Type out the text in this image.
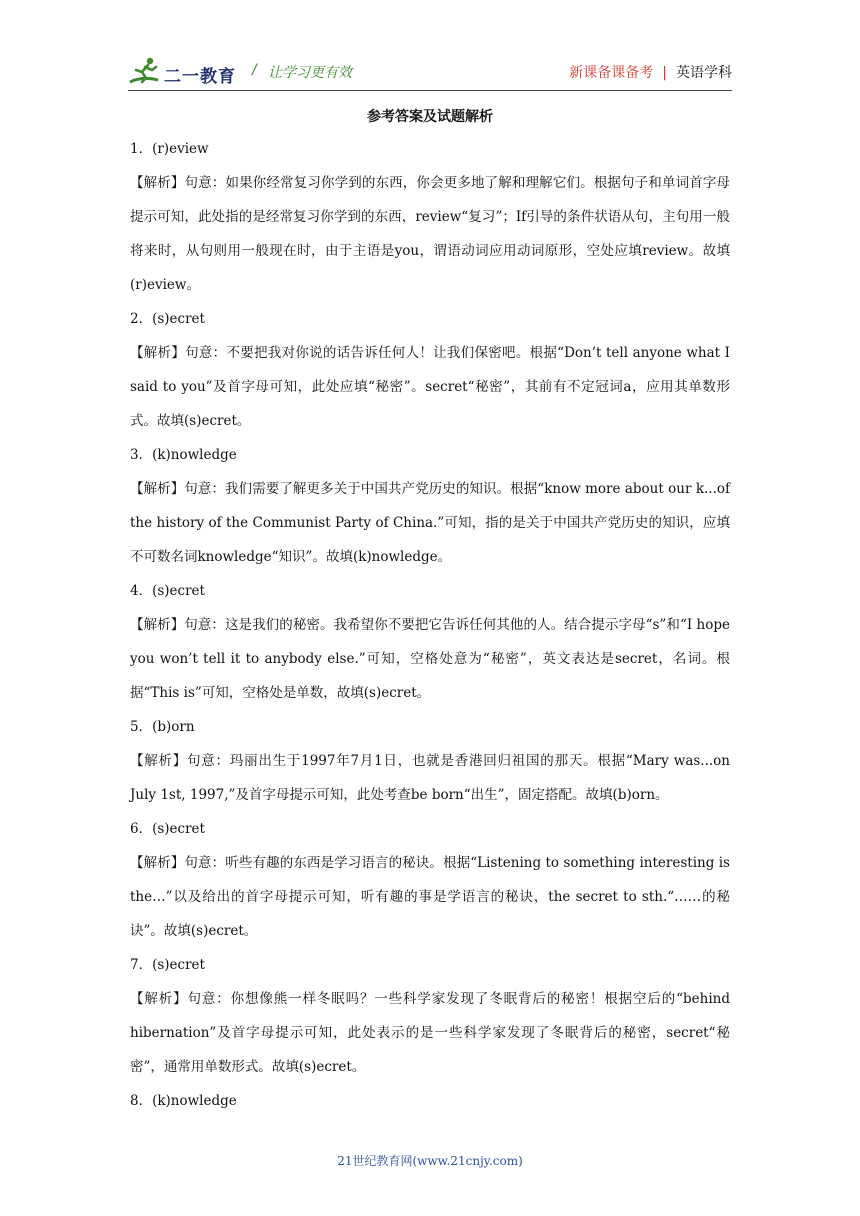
二一教育 / 让学习更有效	新课备课备考 | 英语学科
参考答案及试题解析

1．(r)eview

【解析】句意：如果你经常复习你学到的东西，你会更多地了解和理解它们。根据句子和单词首字母提示可知，此处指的是经常复习你学到的东西，review“复习”；If引导的条件状语从句，主句用一般将来时，从句则用一般现在时，由于主语是you，谓语动词应用动词原形，空处应填review。故填(r)eview。

2．(s)ecret

【解析】句意：不要把我对你说的话告诉任何人！让我们保密吧。根据“Don’t tell anyone what I said to you”及首字母可知，此处应填“秘密”。secret“秘密”，其前有不定冠词a，应用其单数形式。故填(s)ecret。

3．(k)nowledge

【解析】句意：我们需要了解更多关于中国共产党历史的知识。根据“know more about our k...of the history of the Communist Party of China.”可知，指的是关于中国共产党历史的知识，应填不可数名词knowledge“知识”。故填(k)nowledge。

4．(s)ecret

【解析】句意：这是我们的秘密。我希望你不要把它告诉任何其他的人。结合提示字母“s”和“I hope you won’t tell it to anybody else.”可知，空格处意为“秘密”，英文表达是secret，名词。根据“This is”可知，空格处是单数，故填(s)ecret。

5．(b)orn

【解析】句意：玛丽出生于1997年7月1日，也就是香港回归祖国的那天。根据“Mary was...on July 1st, 1997,”及首字母提示可知，此处考查be born“出生”，固定搭配。故填(b)orn。

6．(s)ecret

【解析】句意：听些有趣的东西是学习语言的秘诀。根据“Listening to something interesting is the…”以及给出的首字母提示可知，听有趣的事是学语言的秘诀，the secret to sth.“……的秘诀”。故填(s)ecret。

7．(s)ecret

【解析】句意：你想像熊一样冬眠吗？一些科学家发现了冬眠背后的秘密！根据空后的“behind hibernation”及首字母提示可知，此处表示的是一些科学家发现了冬眠背后的秘密，secret“秘密”，通常用单数形式。故填(s)ecret。

8．(k)nowledge

21世纪教育网(www.21cnjy.com)
